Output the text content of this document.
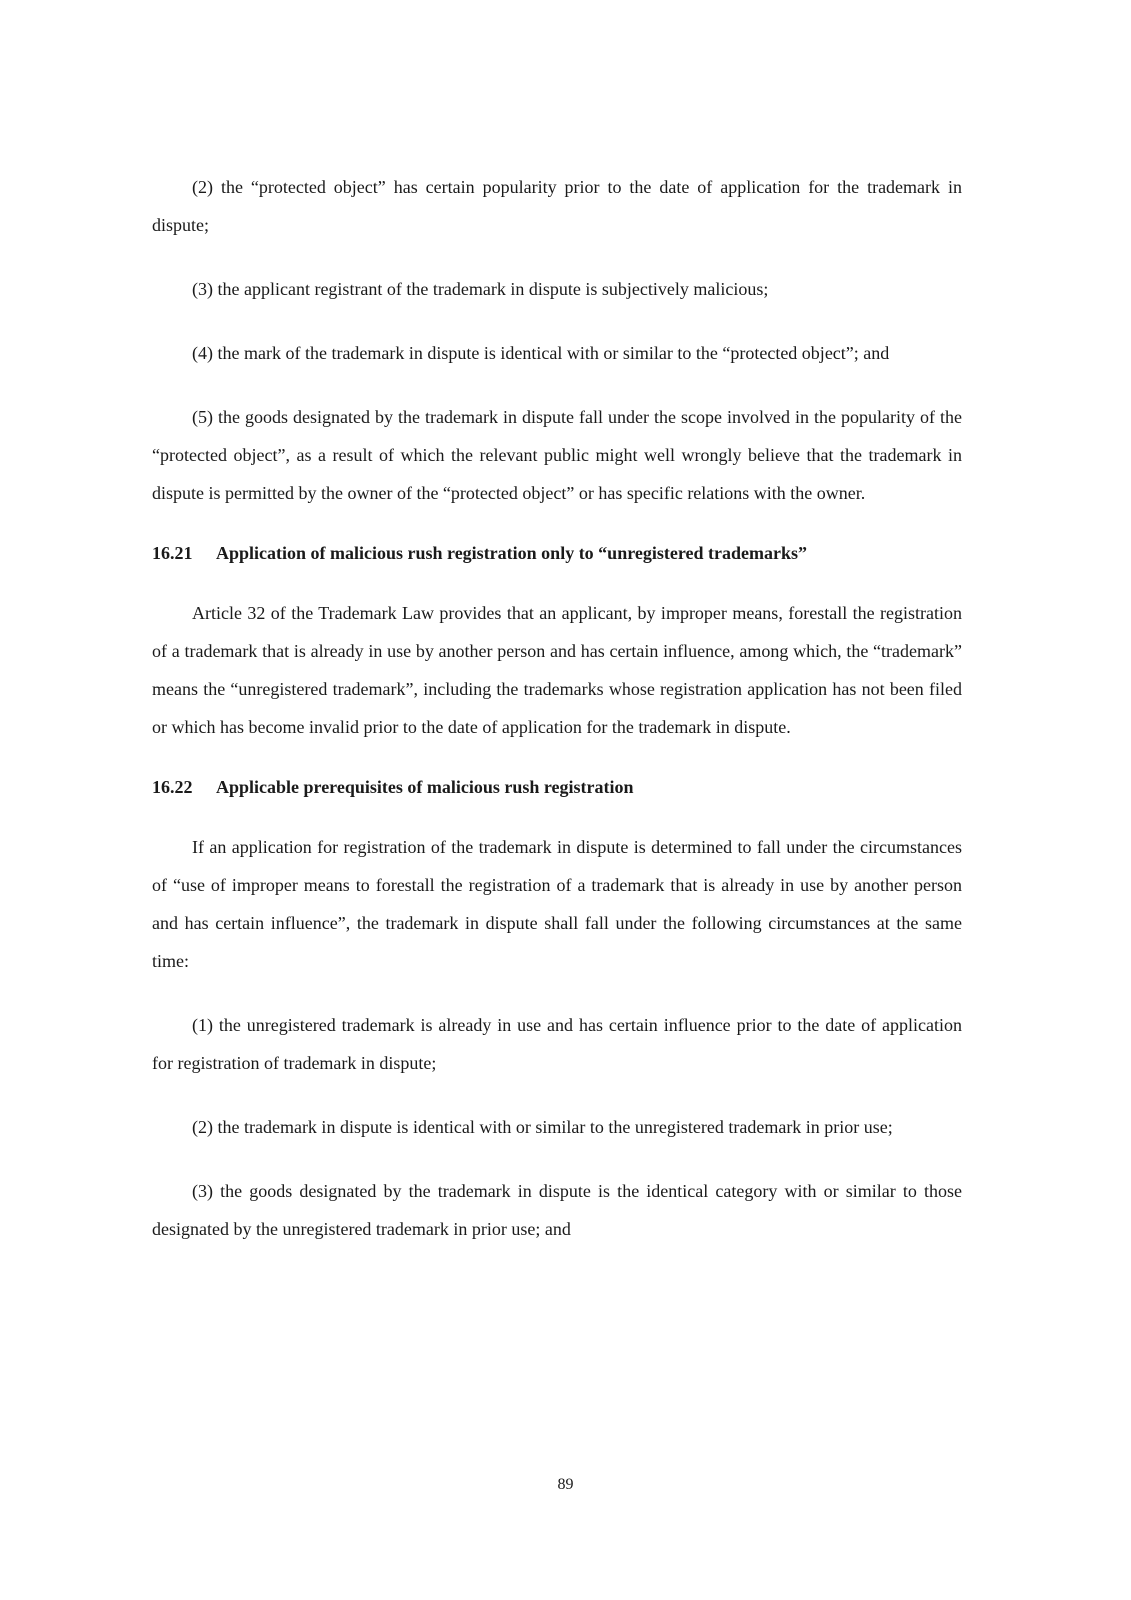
(2) the “protected object” has certain popularity prior to the date of application for the trademark in dispute;

(3) the applicant registrant of the trademark in dispute is subjectively malicious;

(4) the mark of the trademark in dispute is identical with or similar to the “protected object”; and

(5) the goods designated by the trademark in dispute fall under the scope involved in the popularity of the “protected object”, as a result of which the relevant public might well wrongly believe that the trademark in dispute is permitted by the owner of the “protected object” or has specific relations with the owner.

16.21 Application of malicious rush registration only to “unregistered trademarks”

Article 32 of the Trademark Law provides that an applicant, by improper means, forestall the registration of a trademark that is already in use by another person and has certain influence, among which, the “trademark” means the “unregistered trademark”, including the trademarks whose registration application has not been filed or which has become invalid prior to the date of application for the trademark in dispute.

16.22 Applicable prerequisites of malicious rush registration

If an application for registration of the trademark in dispute is determined to fall under the circumstances of “use of improper means to forestall the registration of a trademark that is already in use by another person and has certain influence”, the trademark in dispute shall fall under the following circumstances at the same time:

(1) the unregistered trademark is already in use and has certain influence prior to the date of application for registration of trademark in dispute;

(2) the trademark in dispute is identical with or similar to the unregistered trademark in prior use;

(3) the goods designated by the trademark in dispute is the identical category with or similar to those designated by the unregistered trademark in prior use; and

89
